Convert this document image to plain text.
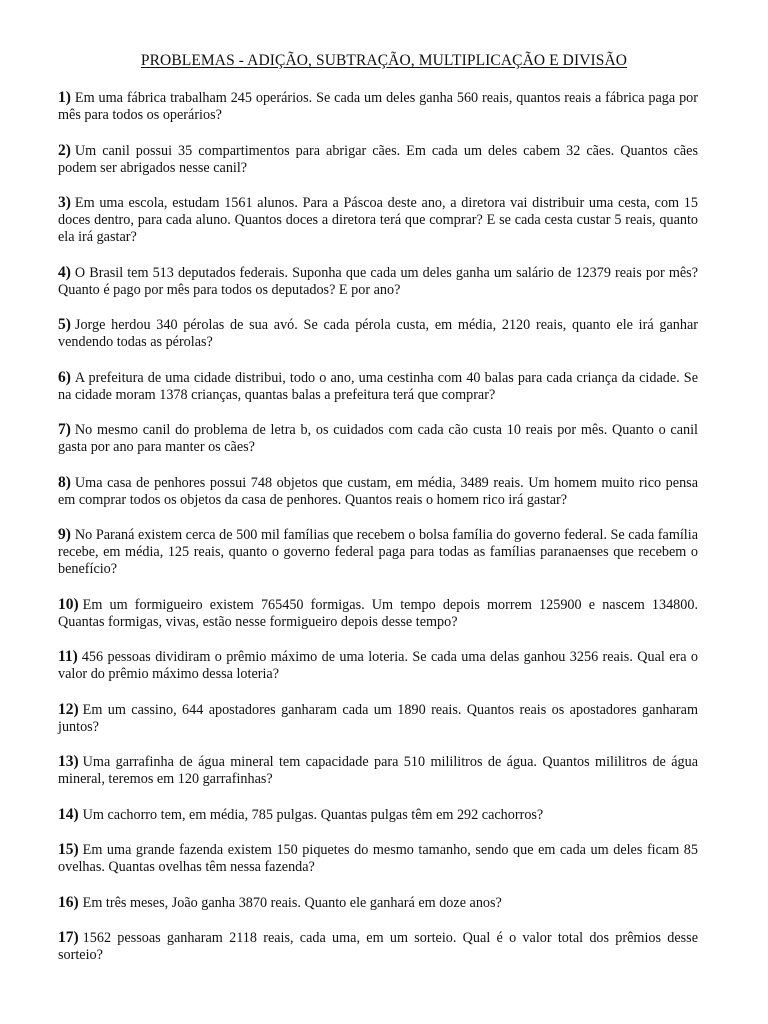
PROBLEMAS - ADIÇÃO, SUBTRAÇÃO, MULTIPLICAÇÃO E DIVISÃO

1) Em uma fábrica trabalham 245 operários. Se cada um deles ganha 560 reais, quantos reais a fábrica paga por mês para todos os operários?

2) Um canil possui 35 compartimentos para abrigar cães. Em cada um deles cabem 32 cães. Quantos cães podem ser abrigados nesse canil?

3) Em uma escola, estudam 1561 alunos. Para a Páscoa deste ano, a diretora vai distribuir uma cesta, com 15 doces dentro, para cada aluno. Quantos doces a diretora terá que comprar? E se cada cesta custar 5 reais, quanto ela irá gastar?

4) O Brasil tem 513 deputados federais. Suponha que cada um deles ganha um salário de 12379 reais por mês? Quanto é pago por mês para todos os deputados? E por ano?

5) Jorge herdou 340 pérolas de sua avó. Se cada pérola custa, em média, 2120 reais, quanto ele irá ganhar vendendo todas as pérolas?

6) A prefeitura de uma cidade distribui, todo o ano, uma cestinha com 40 balas para cada criança da cidade. Se na cidade moram 1378 crianças, quantas balas a prefeitura terá que comprar?

7) No mesmo canil do problema de letra b, os cuidados com cada cão custa 10 reais por mês. Quanto o canil gasta por ano para manter os cães?

8) Uma casa de penhores possui 748 objetos que custam, em média, 3489 reais. Um homem muito rico pensa em comprar todos os objetos da casa de penhores. Quantos reais o homem rico irá gastar?

9) No Paraná existem cerca de 500 mil famílias que recebem o bolsa família do governo federal. Se cada família recebe, em média, 125 reais, quanto o governo federal paga para todas as famílias paranaenses que recebem o benefício?

10) Em um formigueiro existem 765450 formigas. Um tempo depois morrem 125900 e nascem 134800. Quantas formigas, vivas, estão nesse formigueiro depois desse tempo?

11) 456 pessoas dividiram o prêmio máximo de uma loteria. Se cada uma delas ganhou 3256 reais. Qual era o valor do prêmio máximo dessa loteria?

12) Em um cassino, 644 apostadores ganharam cada um 1890 reais. Quantos reais os apostadores ganharam juntos?

13) Uma garrafinha de água mineral tem capacidade para 510 mililitros de água. Quantos mililitros de água mineral, teremos em 120 garrafinhas?

14) Um cachorro tem, em média, 785 pulgas. Quantas pulgas têm em 292 cachorros?

15) Em uma grande fazenda existem 150 piquetes do mesmo tamanho, sendo que em cada um deles ficam 85 ovelhas. Quantas ovelhas têm nessa fazenda?

16) Em três meses, João ganha 3870 reais. Quanto ele ganhará em doze anos?

17) 1562 pessoas ganharam 2118 reais, cada uma, em um sorteio. Qual é o valor total dos prêmios desse sorteio?
